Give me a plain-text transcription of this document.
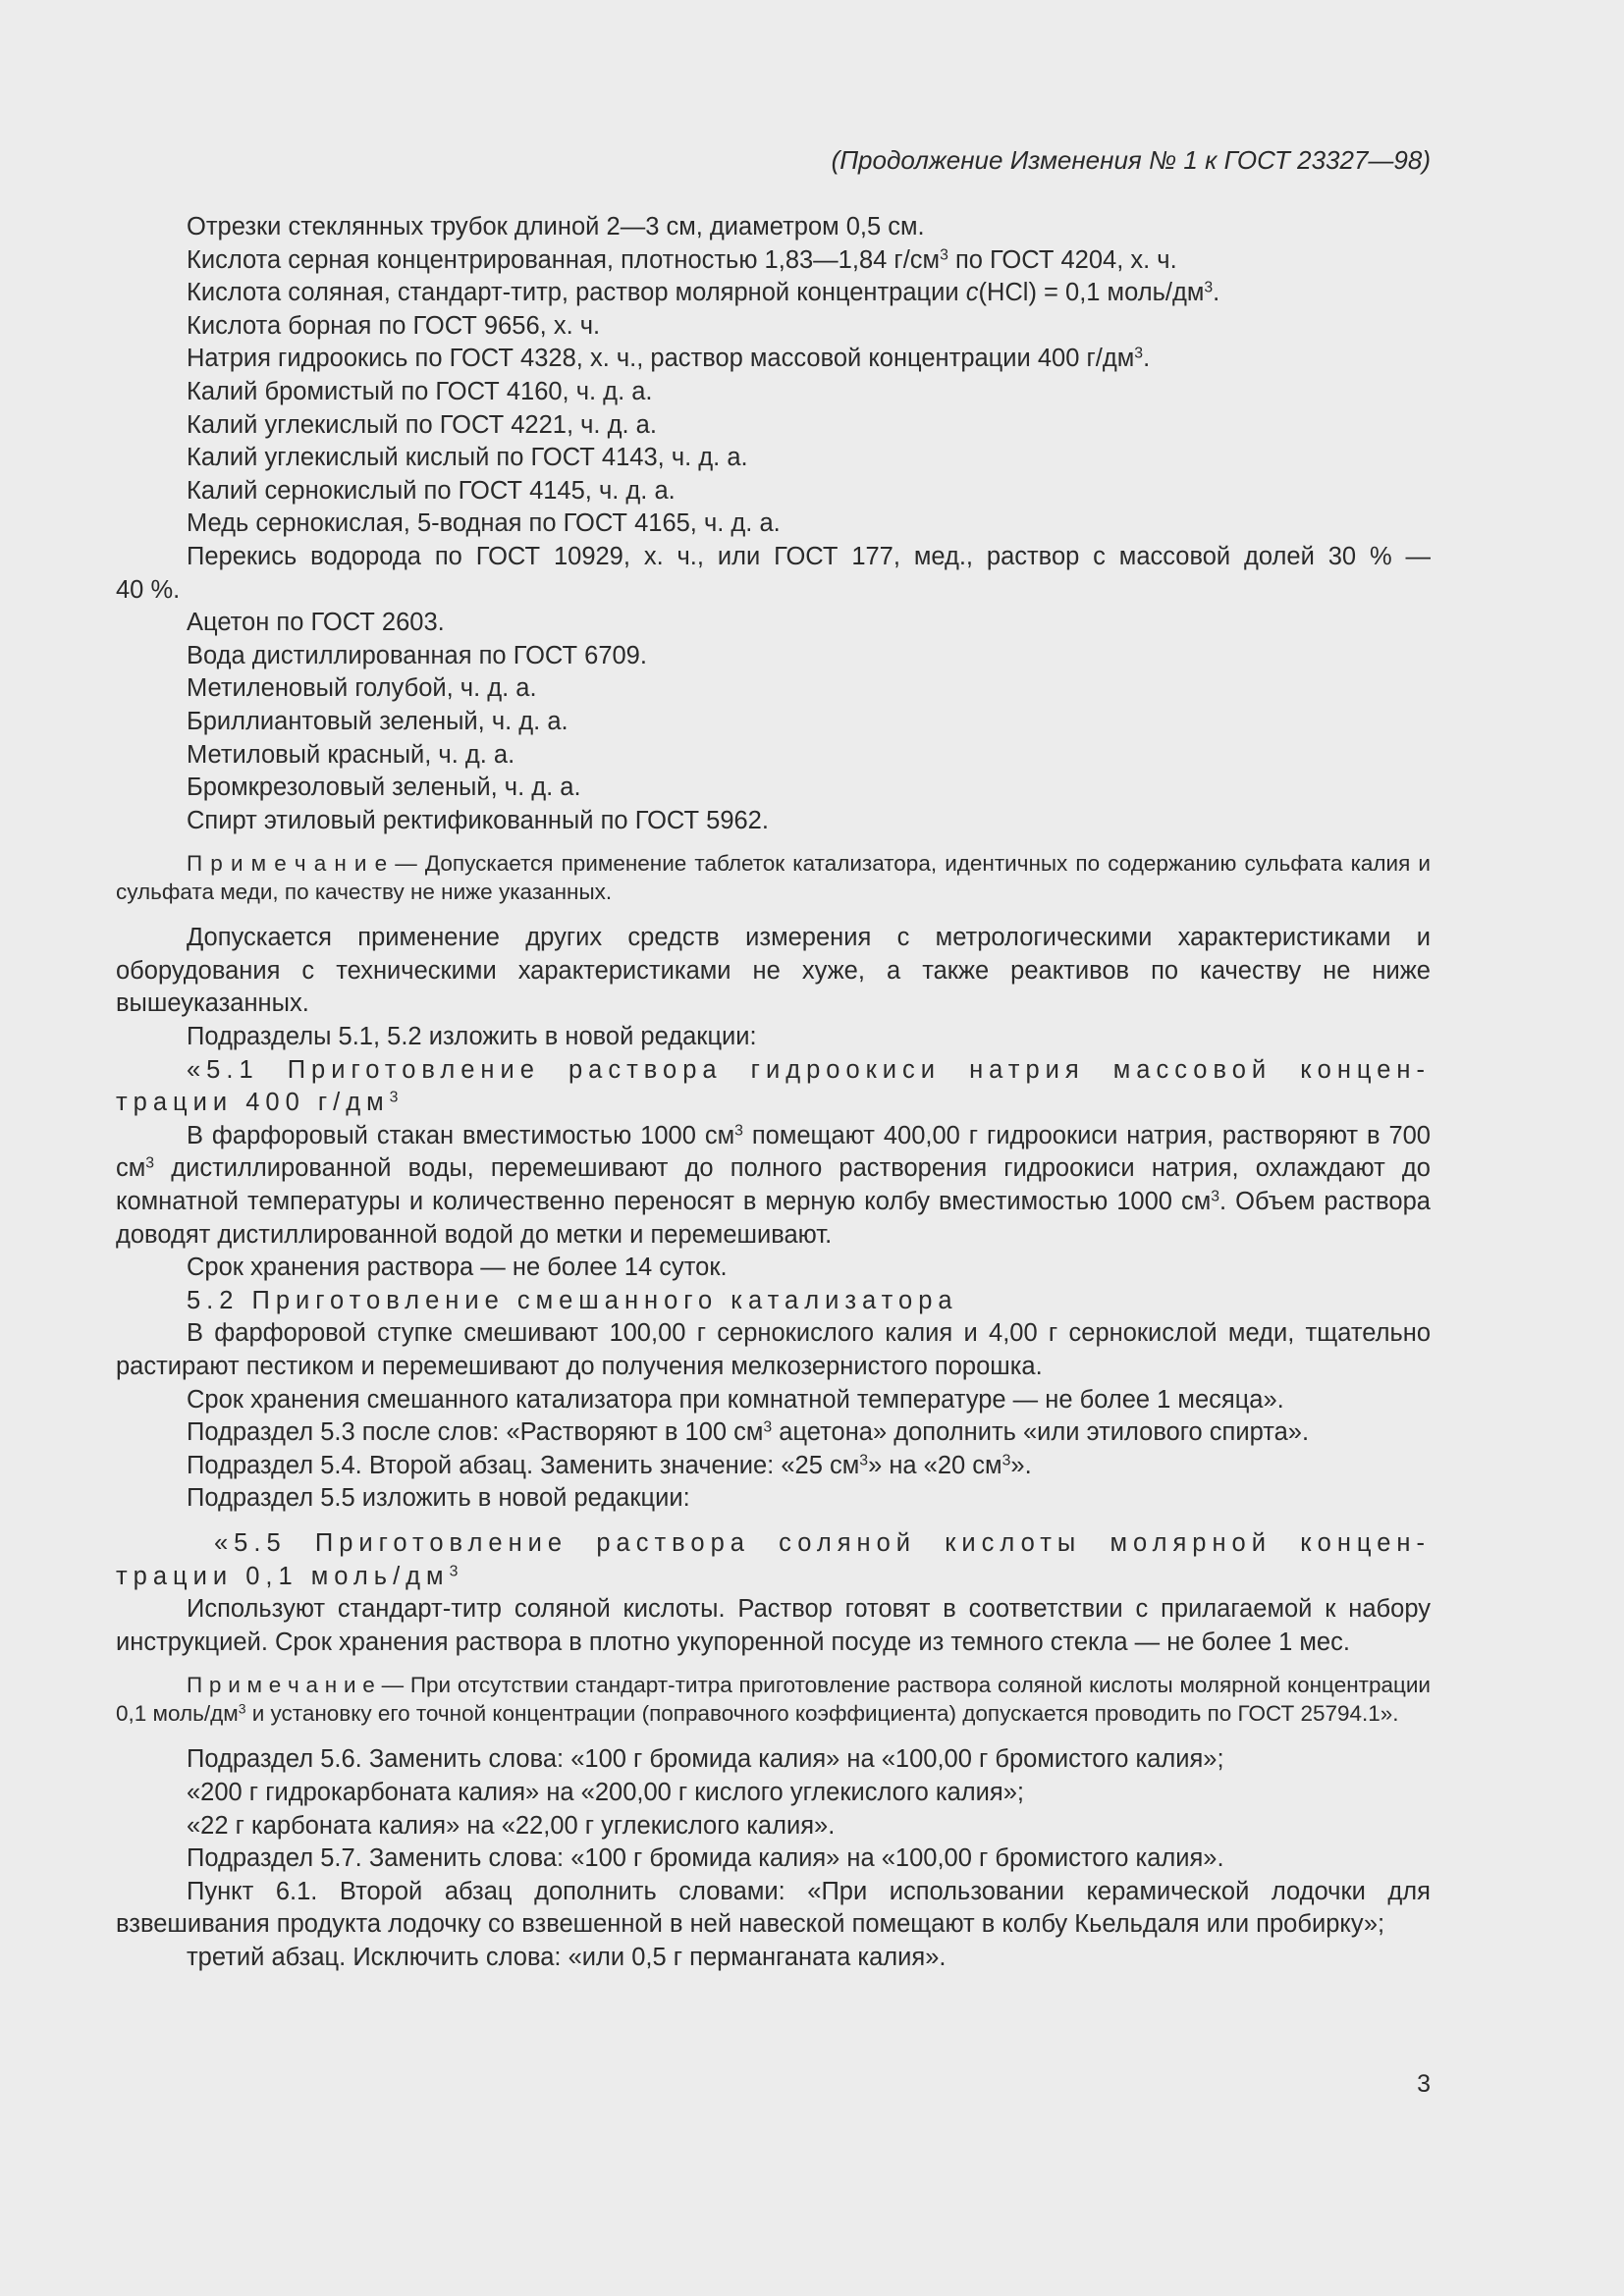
(Продолжение Изменения № 1 к ГОСТ 23327—98)

Отрезки стеклянных трубок длиной 2—3 см, диаметром 0,5 см.

Кислота серная концентрированная, плотностью 1,83—1,84 $г/см^3$ по ГОСТ 4204, х. ч.

Кислота соляная, стандарт-титр, раствор молярной концентрации c(HCl) = 0,1 моль/$дм^3$.

Кислота борная по ГОСТ 9656, х. ч.

Натрия гидроокись по ГОСТ 4328, х. ч., раствор массовой концентрации 400 $г/дм^3$.

Калий бромистый по ГОСТ 4160, ч. д. а.

Калий углекислый по ГОСТ 4221, ч. д. а.

Калий углекислый кислый по ГОСТ 4143, ч. д. а.

Калий сернокислый по ГОСТ 4145, ч. д. а.

Медь сернокислая, 5-водная по ГОСТ 4165, ч. д. а.

Перекись водорода по ГОСТ 10929, х. ч., или ГОСТ 177, мед., раствор с массовой долей 30 % —

40 %.

Ацетон по ГОСТ 2603.

Вода дистиллированная по ГОСТ 6709.

Метиленовый голубой, ч. д. а.

Бриллиантовый зеленый, ч. д. а.

Метиловый красный, ч. д. а.

Бромкрезоловый зеленый, ч. д. а.

Спирт этиловый ректификованный по ГОСТ 5962.

П р и м е ч а н и е — Допускается применение таблеток катализатора, идентичных по содержанию сульфата калия и сульфата меди, по качеству не ниже указанных.

Допускается применение других средств измерения с метрологическими характеристиками и оборудования с техническими характеристиками не хуже, а также реактивов по качеству не ниже вышеуказанных.

Подразделы 5.1, 5.2 изложить в новой редакции:

«5.1 Приготовление раствора гидроокиси натрия массовой концен-

трации 400 $г/дм^3$

В фарфоровый стакан вместимостью 1000 $см^3$ помещают 400,00 г гидроокиси натрия, растворяют в 700 $см^3$ дистиллированной воды, перемешивают до полного растворения гидроокиси натрия, охлаждают до комнатной температуры и количественно переносят в мерную колбу вместимостью 1000 $см^3$. Объем раствора доводят дистиллированной водой до метки и перемешивают.

Срок хранения раствора — не более 14 суток.

5.2 Приготовление смешанного катализатора

В фарфоровой ступке смешивают 100,00 г сернокислого калия и 4,00 г сернокислой меди, тщательно растирают пестиком и перемешивают до получения мелкозернистого порошка.

Срок хранения смешанного катализатора при комнатной температуре — не более 1 месяца».

Подраздел 5.3 после слов: «Растворяют в 100 $см^3$ ацетона» дополнить «или этилового спирта».

Подраздел 5.4. Второй абзац. Заменить значение: «25 $см^3$» на «20 $см^3$».

Подраздел 5.5 изложить в новой редакции:

«5.5 Приготовление раствора соляной кислоты молярной концен-

трации 0,1 моль/$дм^3$

Используют стандарт-титр соляной кислоты. Раствор готовят в соответствии с прилагаемой к набору инструкцией. Срок хранения раствора в плотно укупоренной посуде из темного стекла — не более 1 мес.

П р и м е ч а н и е — При отсутствии стандарт-титра приготовление раствора соляной кислоты молярной концентрации 0,1 моль/$дм^3$ и установку его точной концентрации (поправочного коэффициента) допускается проводить по ГОСТ 25794.1».

Подраздел 5.6. Заменить слова: «100 г бромида калия» на «100,00 г бромистого калия»;

«200 г гидрокарбоната калия» на «200,00 г кислого углекислого калия»;

«22 г карбоната калия» на «22,00 г углекислого калия».

Подраздел 5.7. Заменить слова: «100 г бромида калия» на «100,00 г бромистого калия».

Пункт 6.1. Второй абзац дополнить словами: «При использовании керамической лодочки для взвешивания продукта лодочку со взвешенной в ней навеской помещают в колбу Кьельдаля или пробирку»;

третий абзац. Исключить слова: «или 0,5 г перманганата калия».

3
